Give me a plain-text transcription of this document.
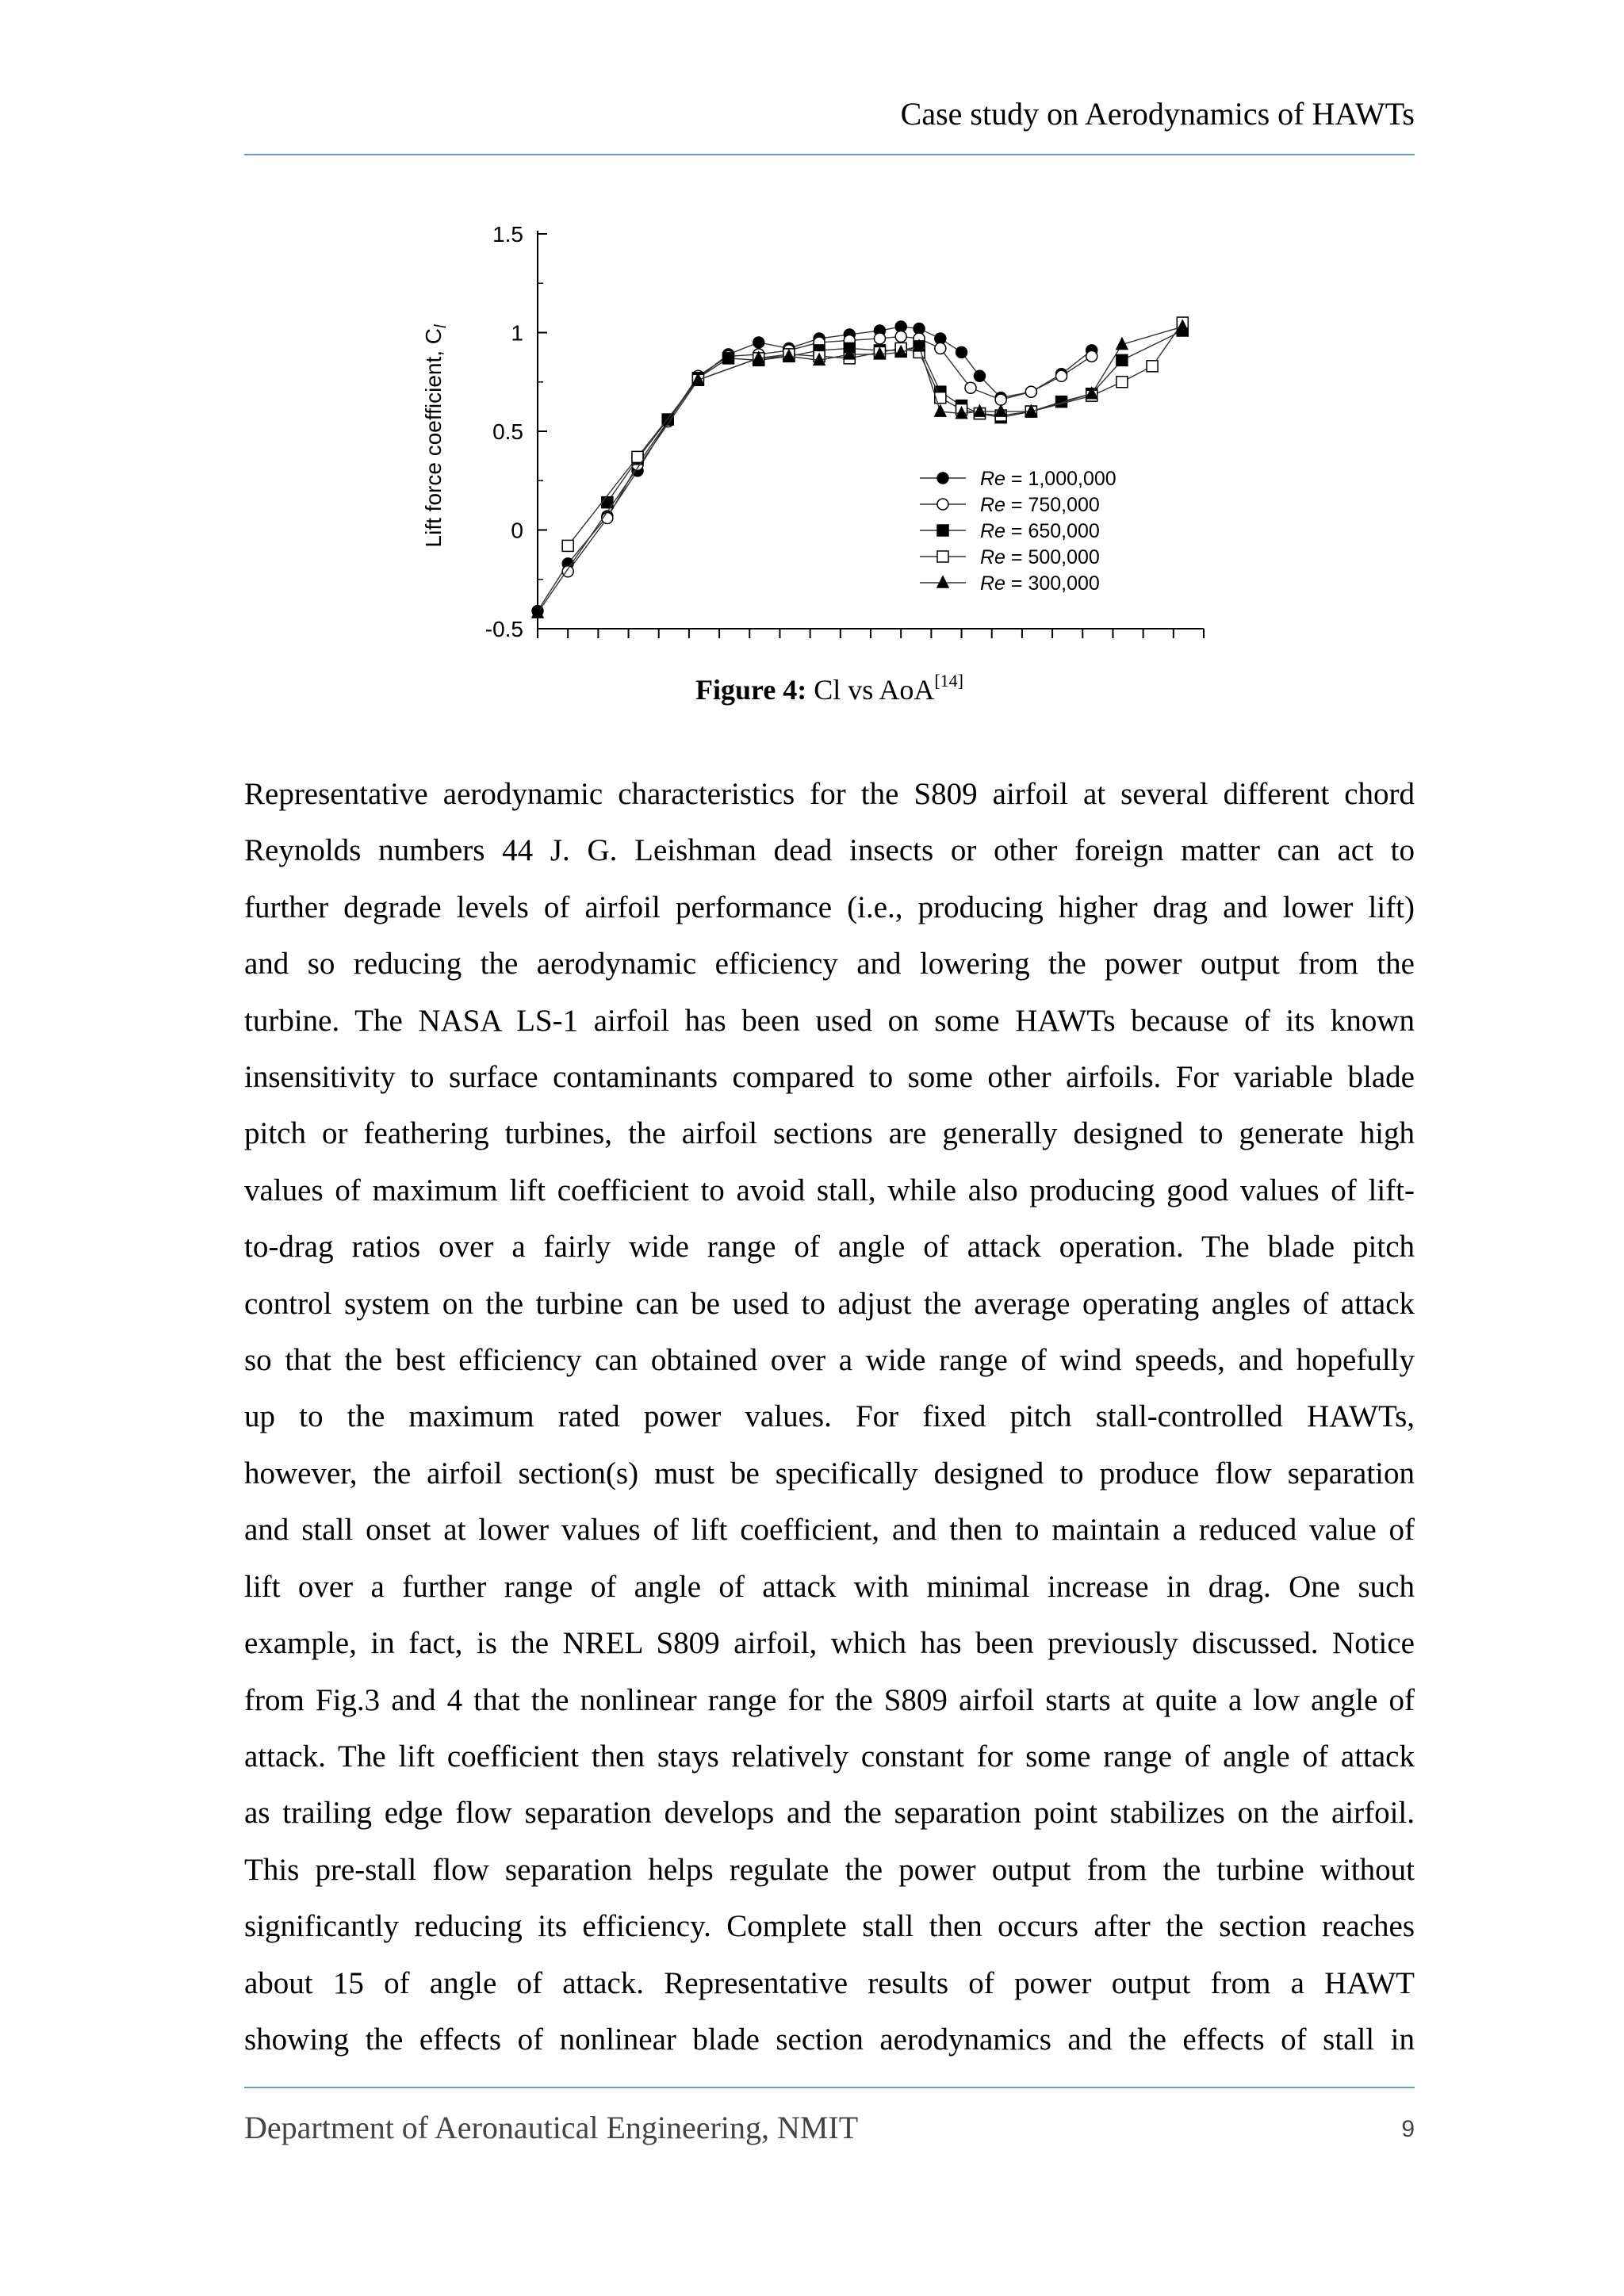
Case study on Aerodynamics of HAWTs
1.5
1
0.5
0
-0.5
Lift force coefficient, $C_l$
Re = 1,000,000
Re = 750,000
Re = 650,000
Re = 500,000
Re = 300,000
Figure 4: Cl vs AoA[14]

Representative aerodynamic characteristics for the S809 airfoil at several different chord
Reynolds numbers 44 J. G. Leishman dead insects or other foreign matter can act to
further degrade levels of airfoil performance (i.e., producing higher drag and lower lift)
and so reducing the aerodynamic efficiency and lowering the power output from the
turbine. The NASA LS-1 airfoil has been used on some HAWTs because of its known
insensitivity to surface contaminants compared to some other airfoils. For variable blade
pitch or feathering turbines, the airfoil sections are generally designed to generate high
values of maximum lift coefficient to avoid stall, while also producing good values of lift-
to-drag ratios over a fairly wide range of angle of attack operation. The blade pitch
control system on the turbine can be used to adjust the average operating angles of attack
so that the best efficiency can obtained over a wide range of wind speeds, and hopefully
up to the maximum rated power values. For fixed pitch stall-controlled HAWTs,
however, the airfoil section(s) must be specifically designed to produce flow separation
and stall onset at lower values of lift coefficient, and then to maintain a reduced value of
lift over a further range of angle of attack with minimal increase in drag. One such
example, in fact, is the NREL S809 airfoil, which has been previously discussed. Notice
from Fig.3 and 4 that the nonlinear range for the S809 airfoil starts at quite a low angle of
attack. The lift coefficient then stays relatively constant for some range of angle of attack
as trailing edge flow separation develops and the separation point stabilizes on the airfoil.
This pre-stall flow separation helps regulate the power output from the turbine without
significantly reducing its efficiency. Complete stall then occurs after the section reaches
about 15 of angle of attack. Representative results of power output from a HAWT
showing the effects of nonlinear blade section aerodynamics and the effects of stall in

Department of Aeronautical Engineering, NMIT	9
